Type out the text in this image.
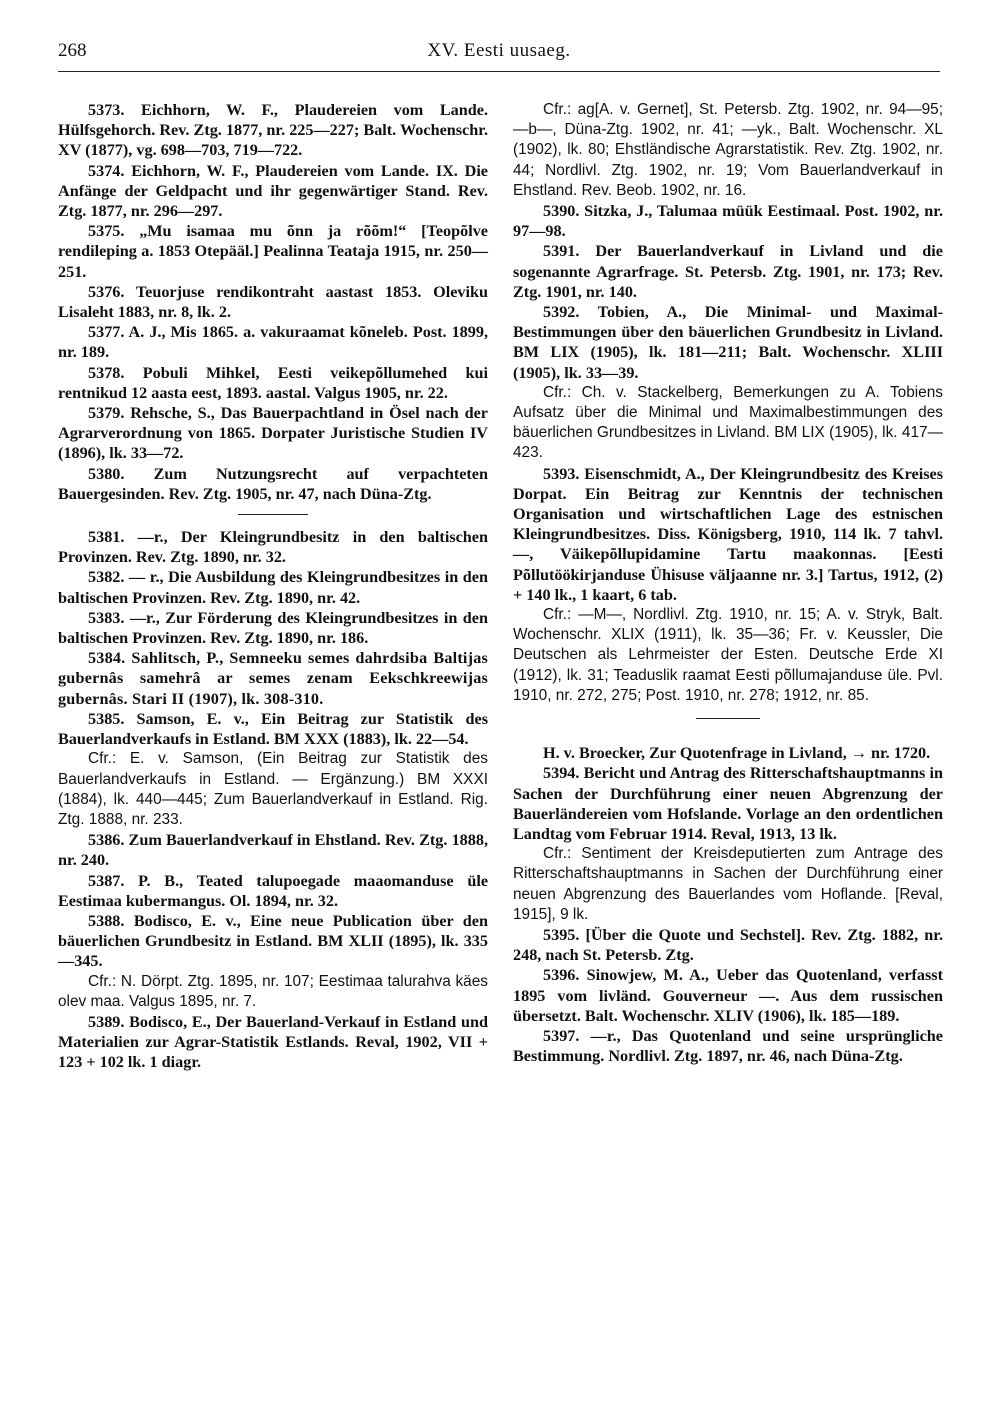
268	XV. Eesti uusaeg.

5373. Eichhorn, W. F., Plaudereien vom Lande. Hülfsgehorch. Rev. Ztg. 1877, nr. 225—227; Balt. Wochenschr. XV (1877), vg. 698—703, 719—722.

5374. Eichhorn, W. F., Plaudereien vom Lande. IX. Die Anfänge der Geldpacht und ihr gegenwärtiger Stand. Rev. Ztg. 1877, nr. 296—297.

5375. „Mu isamaa mu õnn ja rõõm!“ [Teopõlve rendileping a. 1853 Otepääl.] Pealinna Teataja 1915, nr. 250—251.

5376. Teuorjuse rendikontraht aastast 1853. Oleviku Lisaleht 1883, nr. 8, lk. 2.

5377. A. J., Mis 1865. a. vakuraamat kõneleb. Post. 1899, nr. 189.

5378. Pobuli Mihkel, Eesti veikepõllumehed kui rentnikud 12 aasta eest, 1893. aastal. Valgus 1905, nr. 22.

5379. Rehsche, S., Das Bauerpachtland in Ösel nach der Agrarverordnung von 1865. Dorpater Juristische Studien IV (1896), lk. 33—72.

5380. Zum Nutzungsrecht auf verpachteten Bauergesinden. Rev. Ztg. 1905, nr. 47, nach Düna-Ztg.

5381. —r., Der Kleingrundbesitz in den baltischen Provinzen. Rev. Ztg. 1890, nr. 32.

5382. — r., Die Ausbildung des Kleingrundbesitzes in den baltischen Provinzen. Rev. Ztg. 1890, nr. 42.

5383. —r., Zur Förderung des Kleingrundbesitzes in den baltischen Provinzen. Rev. Ztg. 1890, nr. 186.

5384. Sahlitsch, P., Semneeku semes dahrdsiba Baltijas gubernâs samehrâ ar semes zenam Eekschkreewijas gubernâs. Stari II (1907), lk. 308-310.

5385. Samson, E. v., Ein Beitrag zur Statistik des Bauerlandverkaufs in Estland. BM XXX (1883), lk. 22—54.

Cfr.: E. v. Samson, (Ein Beitrag zur Statistik des Bauerlandverkaufs in Estland. — Ergänzung.) BM XXXI (1884), lk. 440—445; Zum Bauerlandverkauf in Estland. Rig. Ztg. 1888, nr. 233.

5386. Zum Bauerlandverkauf in Ehstland. Rev. Ztg. 1888, nr. 240.

5387. P. B., Teated talupoegade maaomanduse üle Eestimaa kubermangus. Ol. 1894, nr. 32.

5388. Bodisco, E. v., Eine neue Publication über den bäuerlichen Grundbesitz in Estland. BM XLII (1895), lk. 335—345.

Cfr.: N. Dörpt. Ztg. 1895, nr. 107; Eestimaa talurahva käes olev maa. Valgus 1895, nr. 7.

5389. Bodisco, E., Der Bauerland-Verkauf in Estland und Materialien zur Agrar-Statistik Estlands. Reval, 1902, VII + 123 + 102 lk. 1 diagr.

Cfr.: ag[A. v. Gernet], St. Petersb. Ztg. 1902, nr. 94—95; —b—, Düna-Ztg. 1902, nr. 41; —yk., Balt. Wochenschr. XL (1902), lk. 80; Ehstländische Agrarstatistik. Rev. Ztg. 1902, nr. 44; Nordlivl. Ztg. 1902, nr. 19; Vom Bauerlandverkauf in Ehstland. Rev. Beob. 1902, nr. 16.

5390. Sitzka, J., Talumaa müük Eestimaal. Post. 1902, nr. 97—98.

5391. Der Bauerlandverkauf in Livland und die sogenannte Agrarfrage. St. Petersb. Ztg. 1901, nr. 173; Rev. Ztg. 1901, nr. 140.

5392. Tobien, A., Die Minimal- und Maximal-Bestimmungen über den bäuerlichen Grundbesitz in Livland. BM LIX (1905), lk. 181—211; Balt. Wochenschr. XLIII (1905), lk. 33—39.

Cfr.: Ch. v. Stackelberg, Bemerkungen zu A. Tobiens Aufsatz über die Minimal und Maximalbestimmungen des bäuerlichen Grundbesitzes in Livland. BM LIX (1905), lk. 417—423.

5393. Eisenschmidt, A., Der Kleingrundbesitz des Kreises Dorpat. Ein Beitrag zur Kenntnis der technischen Organisation und wirtschaftlichen Lage des estnischen Kleingrundbesitzes. Diss. Königsberg, 1910, 114 lk. 7 tahvl. —, Väikepõllupidamine Tartu maakonnas. [Eesti Põllutöökirjanduse Ühisuse väljaanne nr. 3.] Tartus, 1912, (2) + 140 lk., 1 kaart, 6 tab.

Cfr.: —M—, Nordlivl. Ztg. 1910, nr. 15; A. v. Stryk, Balt. Wochenschr. XLIX (1911), lk. 35—36; Fr. v. Keussler, Die Deutschen als Lehrmeister der Esten. Deutsche Erde XI (1912), lk. 31; Teaduslik raamat Eesti põllumajanduse üle. Pvl. 1910, nr. 272, 275; Post. 1910, nr. 278; 1912, nr. 85.

H. v. Broecker, Zur Quotenfrage in Livland, → nr. 1720.

5394. Bericht und Antrag des Ritterschaftshauptmanns in Sachen der Durchführung einer neuen Abgrenzung der Bauerländereien vom Hofslande. Vorlage an den ordentlichen Landtag vom Februar 1914. Reval, 1913, 13 lk.

Cfr.: Sentiment der Kreisdeputierten zum Antrage des Ritterschaftshauptmanns in Sachen der Durchführung einer neuen Abgrenzung des Bauerlandes vom Hoflande. [Reval, 1915], 9 lk.

5395. [Über die Quote und Sechstel]. Rev. Ztg. 1882, nr. 248, nach St. Petersb. Ztg.

5396. Sinowjew, M. A., Ueber das Quotenland, verfasst 1895 vom livländ. Gouverneur —. Aus dem russischen übersetzt. Balt. Wochenschr. XLIV (1906), lk. 185—189.

5397. —r., Das Quotenland und seine ursprüngliche Bestimmung. Nordlivl. Ztg. 1897, nr. 46, nach Düna-Ztg.
